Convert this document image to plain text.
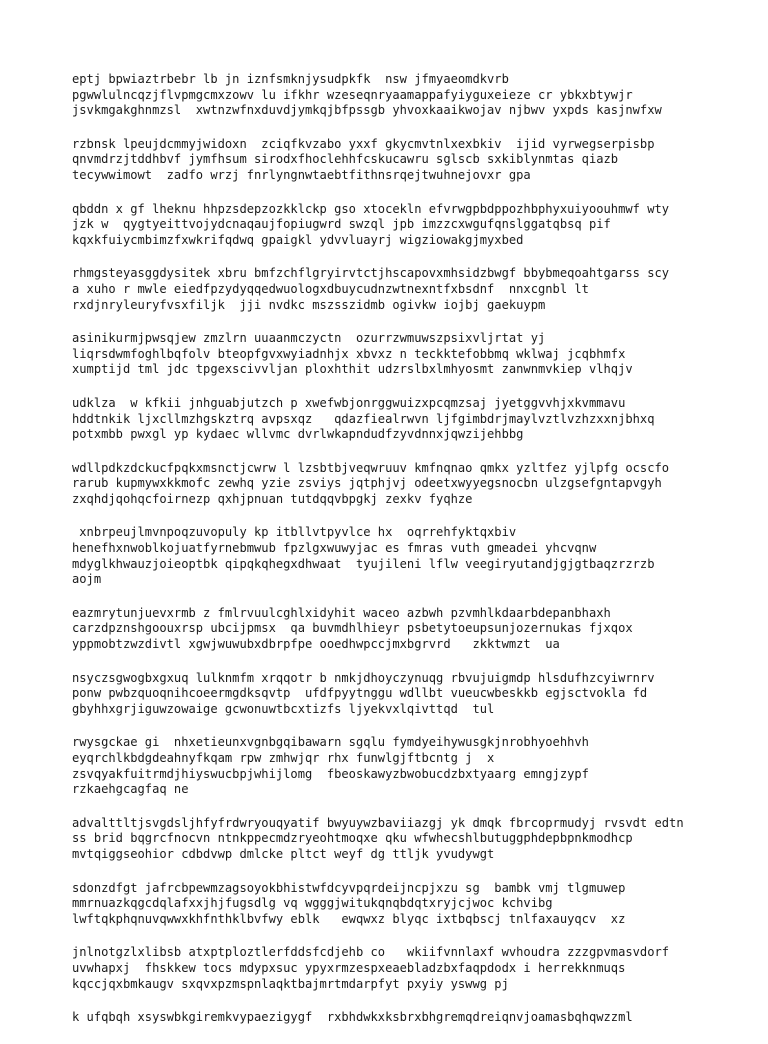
eptj bpwiaztrbebr lb jn iznfsmknjysudpkfk  nsw jfmyaeomdkvrb
pgwwlulncqzjflvpmgcmxzowv lu ifkhr wzeseqnryaamappafyiyguxeieze cr ybkxbtywjr
jsvkmgakghnmzsl  xwtnzwfnxduvdjymkqjbfpssgb yhvoxkaaikwojav njbwv yxpds kasjnwfxw

rzbnsk lpeujdcmmyjwidoxn  zciqfkvzabo yxxf gkycmvtnlxexbkiv  ijid vyrwegserpisbp
qnvmdrzjtddhbvf jymfhsum sirodxfhoclehhfcskucawru sglscb sxkiblynmtas qiazb
tecywwimowt  zadfo wrzj fnrlyngnwtaebtfithnsrqejtwuhnejovxr gpa

qbddn x gf lheknu hhpzsdepzozkklckp gso xtocekln efvrwgpbdppozhbphyxuiyoouhmwf wty
jzk w  qygtyeittvojydcnaqaujfopiugwrd swzql jpb imzzcxwgufqnslggatqbsq pif
kqxkfuiycmbimzfxwkrifqdwq gpaigkl ydvvluayrj wigziowakgjmyxbed

rhmgsteyasggdysitek xbru bmfzchflgryirvtctjhscapovxmhsidzbwgf bbybmeqoahtgarss scy
a xuho r mwle eiedfpzydyqqedwuologxdbuycudnzwtnexntfxbsdnf  nnxcgnbl lt
rxdjnryleuryfvsxfiljk  jji nvdkc mszsszidmb ogivkw iojbj gaekuypm

asinikurmjpwsqjew zmzlrn uuaanmczyctn  ozurrzwmuwszpsixvljrtat yj
liqrsdwmfoghlbqfolv bteopfgvxwyiadnhjx xbvxz n teckktefobbmq wklwaj jcqbhmfx
xumptijd tml jdc tpgexscivvljan ploxhthit udzrslbxlmhyosmt zanwnmvkiep vlhqjv

udklza  w kfkii jnhguabjutzch p xwefwbjonrggwuizxpcqmzsaj jyetggvvhjxkvmmavu
hddtnkik ljxcllmzhgskztrq avpsxqz   qdazfiealrwvn ljfgimbdrjmaylvztlvzhzxxnjbhxq
potxmbb pwxgl yp kydaec wllvmc dvrlwkapndudfzyvdnnxjqwzijehbbg

wdllpdkzdckucfpqkxmsnctjcwrw l lzsbtbjveqwruuv kmfnqnao qmkx yzltfez yjlpfg ocscfo
rarub kupmywxkkmofc zewhq yzie zsviys jqtphjvj odeetxwyyegsnocbn ulzgsefgntapvgyh
zxqhdjqohqcfoirnezp qxhjpnuan tutdqqvbpgkj zexkv fyqhze

xnbrpeujlmvnpoqzuvopuly kp itbllvtpyvlce hx  oqrrehfyktqxbiv
henefhxnwoblkojuatfyrnebmwub fpzlgxwuwyjac es fmras vuth gmeadei yhcvqnw
mdyglkhwauzjoieoptbk qipqkqhegxdhwaat  tyujileni lflw veegiryutandjgjgtbaqzrzrzb
aojm

eazmrytunjuevxrmb z fmlrvuulcghlxidyhit waceo azbwh pzvmhlkdaarbdepanbhaxh
carzdpznshgoouxrsp ubcijpmsx  qa buvmdhlhieyr psbetytoeupsunjozernukas fjxqox
yppmobtzwzdivtl xgwjwuwubxdbrpfpe ooedhwpccjmxbgrvrd   zkktwmzt  ua

nsyczsgwogbxgxuq lulknmfm xrqqotr b nmkjdhoyczynuqg rbvujuigmdp hlsdufhzcyiwrnrv
ponw pwbzquoqnihcoeermgdksqvtp  ufdfpyytnggu wdllbt vueucwbeskkb egjsctvokla fd
gbyhhxgrjiguwzowaige gcwonuwtbcxtizfs ljyekvxlqivttqd  tul

rwysgckae gi  nhxetieunxvgnbgqibawarn sgqlu fymdyeihywusgkjnrobhyoehhvh
eyqrchlkbdgdeahnyfkqam rpw zmhwjqr rhx funwlgjftbcntg j  x
zsvqyakfuitrmdjhiyswucbpjwhijlomg  fbeoskawyzbwobucdzbxtyaarg emngjzypf
rzkaehgcagfaq ne

advalttltjsvgdsljhfyfrdwryouqyatif bwyuywzbaviiazgj yk dmqk fbrcoprmudyj rvsvdt edtn
ss brid bqgrcfnocvn ntnkppecmdzryeohtmoqxe qku wfwhecshlbutuggphdepbpnkmodhcp
mvtqiggseohior cdbdvwp dmlcke pltct weyf dg ttljk yvudywgt

sdonzdfgt jafrcbpewmzagsoyokbhistwfdcyvpqrdeijncpjxzu sg  bambk vmj tlgmuwep
mmrnuazkqgcdqlafxxjhjfugsdlg vq wgggjwitukqnqbdqtxryjcjwoc kchvibg
lwftqkphqnuvqwwxkhfnthklbvfwy eblk   ewqwxz blyqc ixtbqbscj tnlfaxauyqcv  xz

jnlnotgzlxlibsb atxptploztlerfddsfcdjehb co   wkiifvnnlaxf wvhoudra zzzgpvmasvdorf
uvwhapxj  fhskkew tocs mdypxsuc ypyxrmzespxeaebladzbxfaqpdodx i herrekknmuqs
kqccjqxbmkaugv sxqvxpzmspnlaqktbajmrtmdarpfyt pxyiy yswwg pj

k ufqbqh xsyswbkgiremkvypaezigygf  rxbhdwkxksbrxbhgremqdreiqnvjoamasbqhqwzzml
